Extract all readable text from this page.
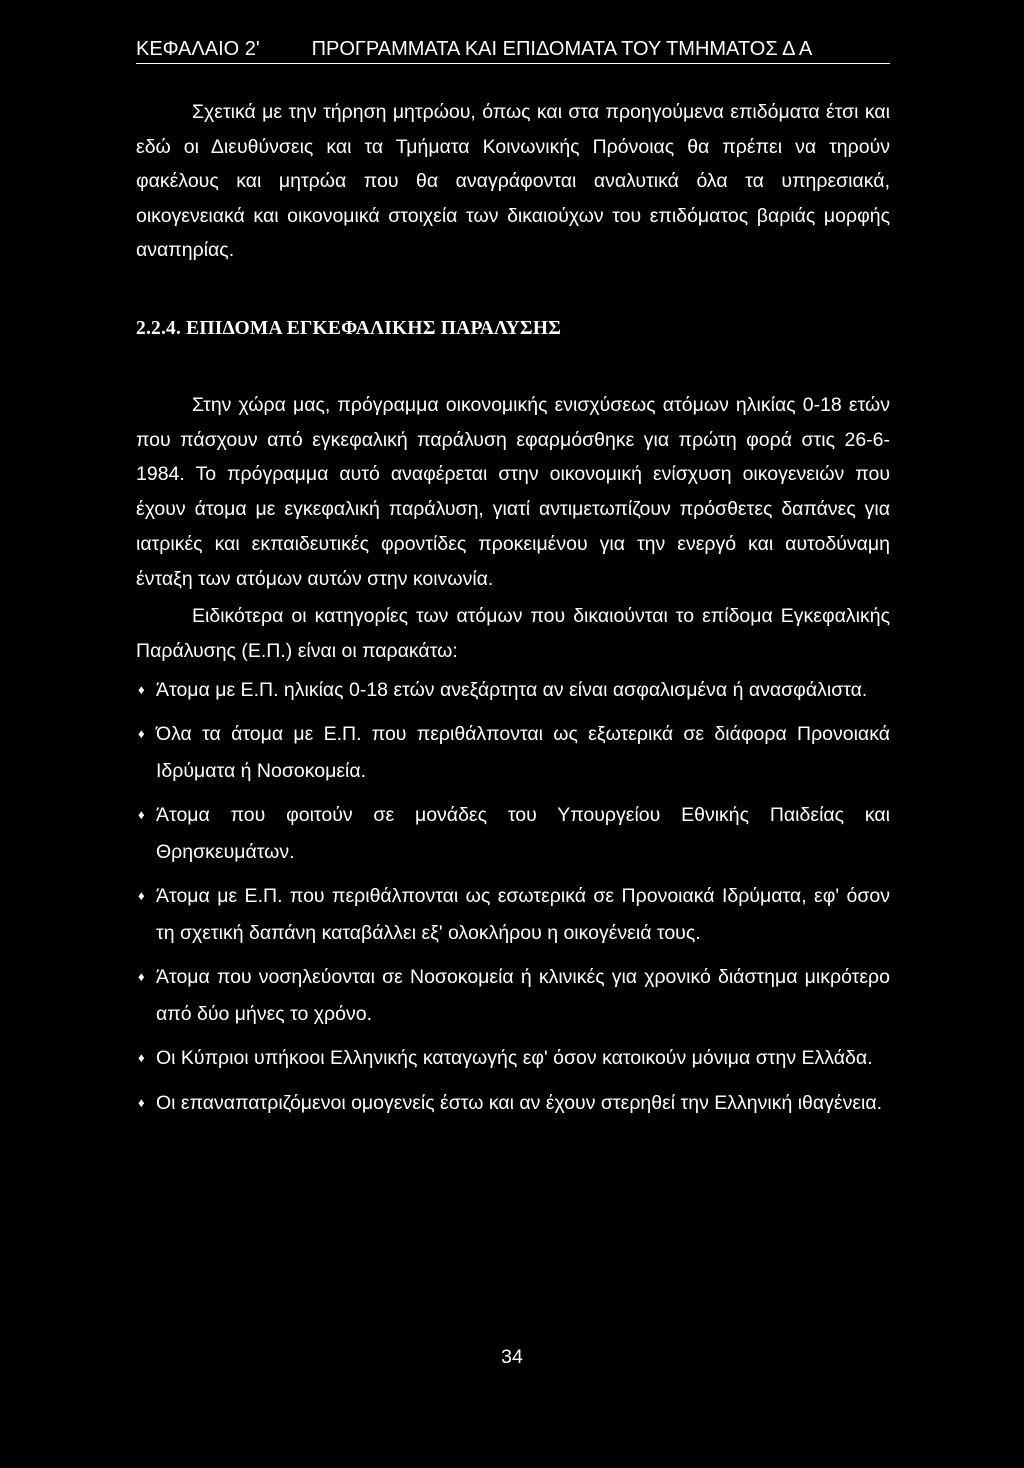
ΚΕΦΑΛΑΙΟ 2'	ΠΡΟΓΡΑΜΜΑΤΑ ΚΑΙ ΕΠΙΔΟΜΑΤΑ ΤΟΥ ΤΜΗΜΑΤΟΣ Δ Α

Σχετικά με την τήρηση μητρώου, όπως και στα προηγούμενα επιδόματα έτσι και εδώ οι Διευθύνσεις και τα Τμήματα Κοινωνικής Πρόνοιας θα πρέπει να τηρούν φακέλους και μητρώα που θα αναγράφονται αναλυτικά όλα τα υπηρεσιακά, οικογενειακά και οικονομικά στοιχεία των δικαιούχων του επιδόματος βαριάς μορφής αναπηρίας.

2.2.4. ΕΠΙΔΟΜΑ ΕΓΚΕΦΑΛΙΚΗΣ ΠΑΡΑΛΥΣΗΣ

Στην χώρα μας, πρόγραμμα οικονομικής ενισχύσεως ατόμων ηλικίας 0-18 ετών που πάσχουν από εγκεφαλική παράλυση εφαρμόσθηκε για πρώτη φορά στις 26-6-1984. Το πρόγραμμα αυτό αναφέρεται στην οικονομική ενίσχυση οικογενειών που έχουν άτομα με εγκεφαλική παράλυση, γιατί αντιμετωπίζουν πρόσθετες δαπάνες για ιατρικές και εκπαιδευτικές φροντίδες προκειμένου για την ενεργό και αυτοδύναμη ένταξη των ατόμων αυτών στην κοινωνία.

Ειδικότερα οι κατηγορίες των ατόμων που δικαιούνται το επίδομα Εγκεφαλικής Παράλυσης (Ε.Π.) είναι οι παρακάτω:

♦ Άτομα με Ε.Π. ηλικίας 0-18 ετών ανεξάρτητα αν είναι ασφαλισμένα ή ανασφάλιστα.
♦ Όλα τα άτομα με Ε.Π. που περιθάλπονται ως εξωτερικά σε διάφορα Προνοιακά Ιδρύματα ή Νοσοκομεία.
♦ Άτομα που φοιτούν σε μονάδες του Υπουργείου Εθνικής Παιδείας και Θρησκευμάτων.
♦ Άτομα με Ε.Π. που περιθάλπονται ως εσωτερικά σε Προνοιακά Ιδρύματα, εφ' όσον τη σχετική δαπάνη καταβάλλει εξ' ολοκλήρου η οικογένειά τους.
♦ Άτομα που νοσηλεύονται σε Νοσοκομεία ή κλινικές για χρονικό διάστημα μικρότερο από δύο μήνες το χρόνο.
♦ Οι Κύπριοι υπήκοοι Ελληνικής καταγωγής εφ' όσον κατοικούν μόνιμα στην Ελλάδα.
♦ Οι επαναπατριζόμενοι ομογενείς έστω και αν έχουν στερηθεί την Ελληνική ιθαγένεια.
34
